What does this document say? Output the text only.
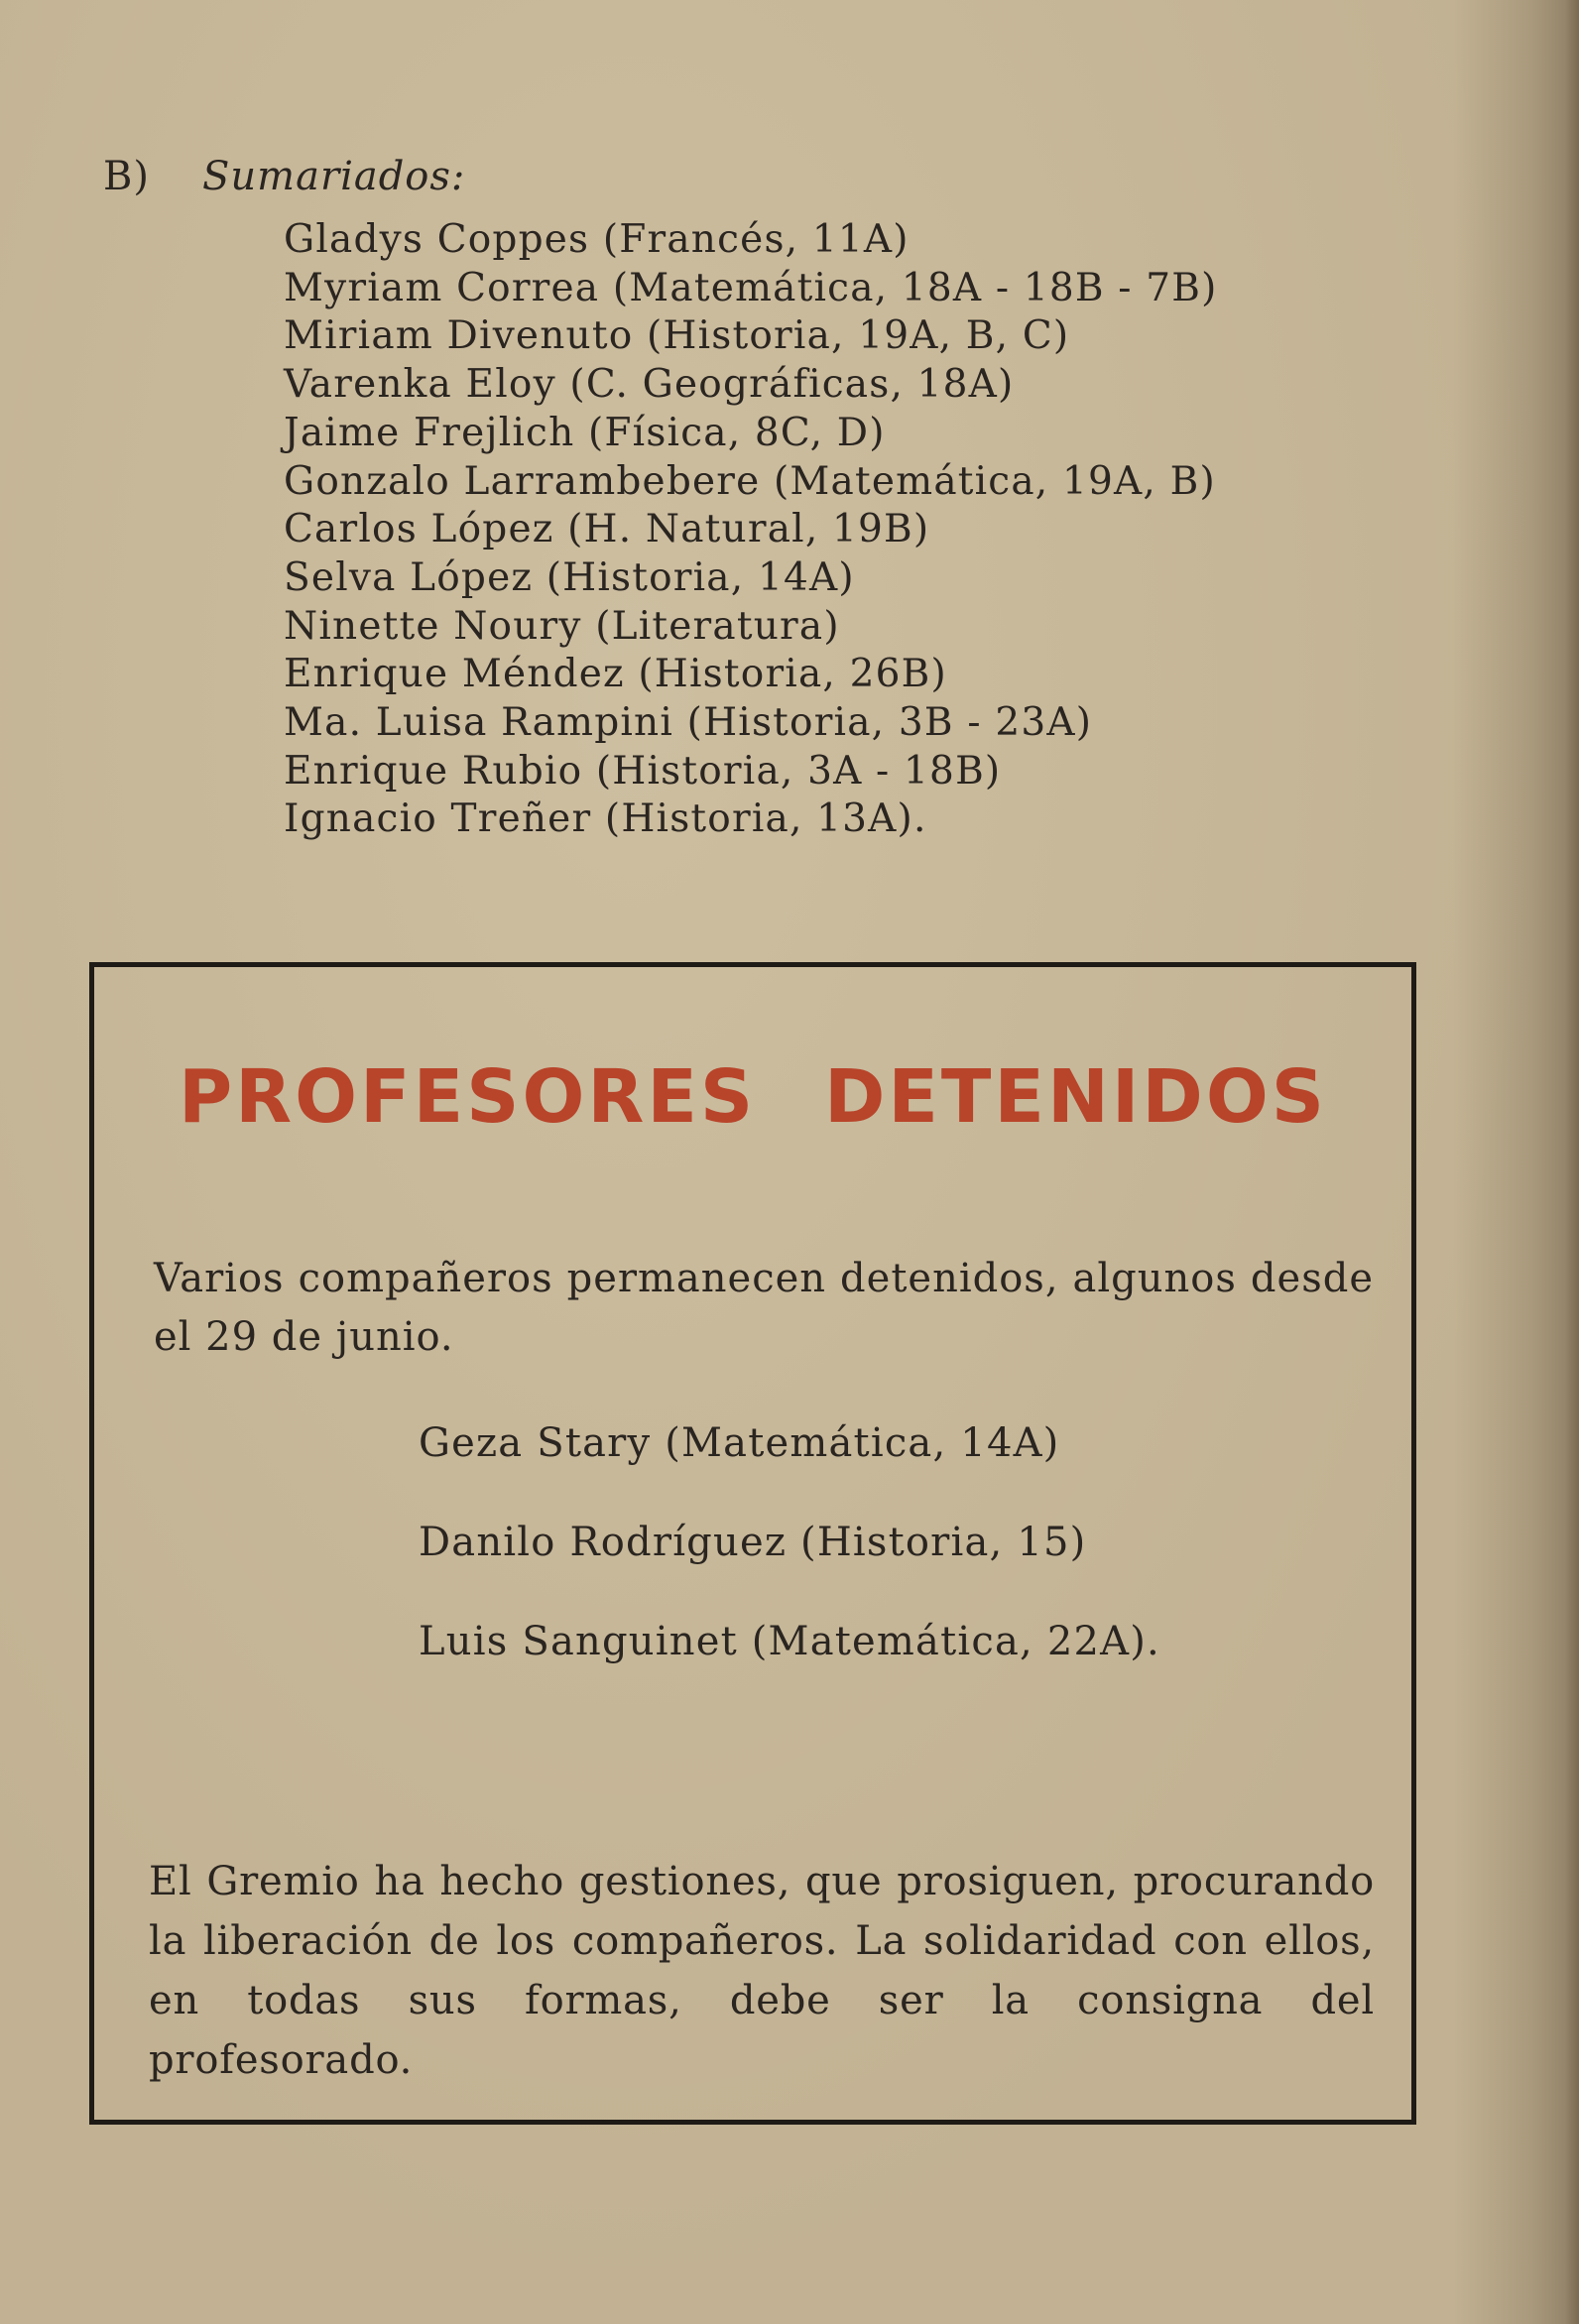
B) Sumariados:
Gladys Coppes (Francés, 11A)
Myriam Correa (Matemática, 18A - 18B - 7B)
Miriam Divenuto (Historia, 19A, B, C)
Varenka Eloy (C. Geográficas, 18A)
Jaime Frejlich (Física, 8C, D)
Gonzalo Larrambebere (Matemática, 19A, B)
Carlos López (H. Natural, 19B)
Selva López (Historia, 14A)
Ninette Noury (Literatura)
Enrique Méndez (Historia, 26B)
Ma. Luisa Rampini (Historia, 3B - 23A)
Enrique Rubio (Historia, 3A - 18B)
Ignacio Treñer (Historia, 13A).
PROFESORES DETENIDOS

Varios compañeros permanecen detenidos, algunos desde el 29 de junio.

Geza Stary (Matemática, 14A)
Danilo Rodríguez (Historia, 15)
Luis Sanguinet (Matemática, 22A).

El Gremio ha hecho gestiones, que prosiguen, procurando la liberación de los compañeros. La solidaridad con ellos, en todas sus formas, debe ser la consigna del profesorado.
